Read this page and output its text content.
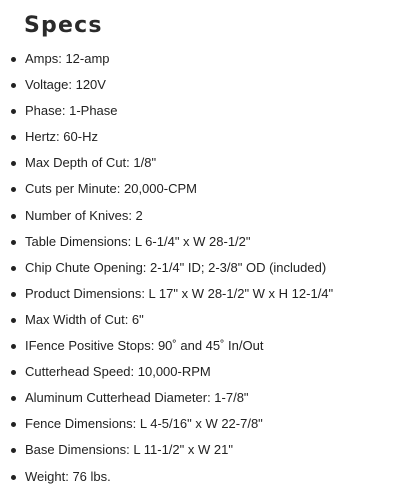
Specs
Amps: 12-amp
Voltage: 120V
Phase: 1-Phase
Hertz: 60-Hz
Max Depth of Cut: 1/8"
Cuts per Minute: 20,000-CPM
Number of Knives: 2
Table Dimensions: L 6-1/4" x W 28-1/2"
Chip Chute Opening: 2-1/4" ID; 2-3/8" OD (included)
Product Dimensions: L 17" x W 28-1/2" W x H 12-1/4"
Max Width of Cut: 6"
IFence Positive Stops: 90˚ and 45˚ In/Out
Cutterhead Speed: 10,000-RPM
Aluminum Cutterhead Diameter: 1-7/8"
Fence Dimensions: L 4-5/16" x W 22-7/8"
Base Dimensions: L 11-1/2" x W 21"
Weight: 76 lbs.
